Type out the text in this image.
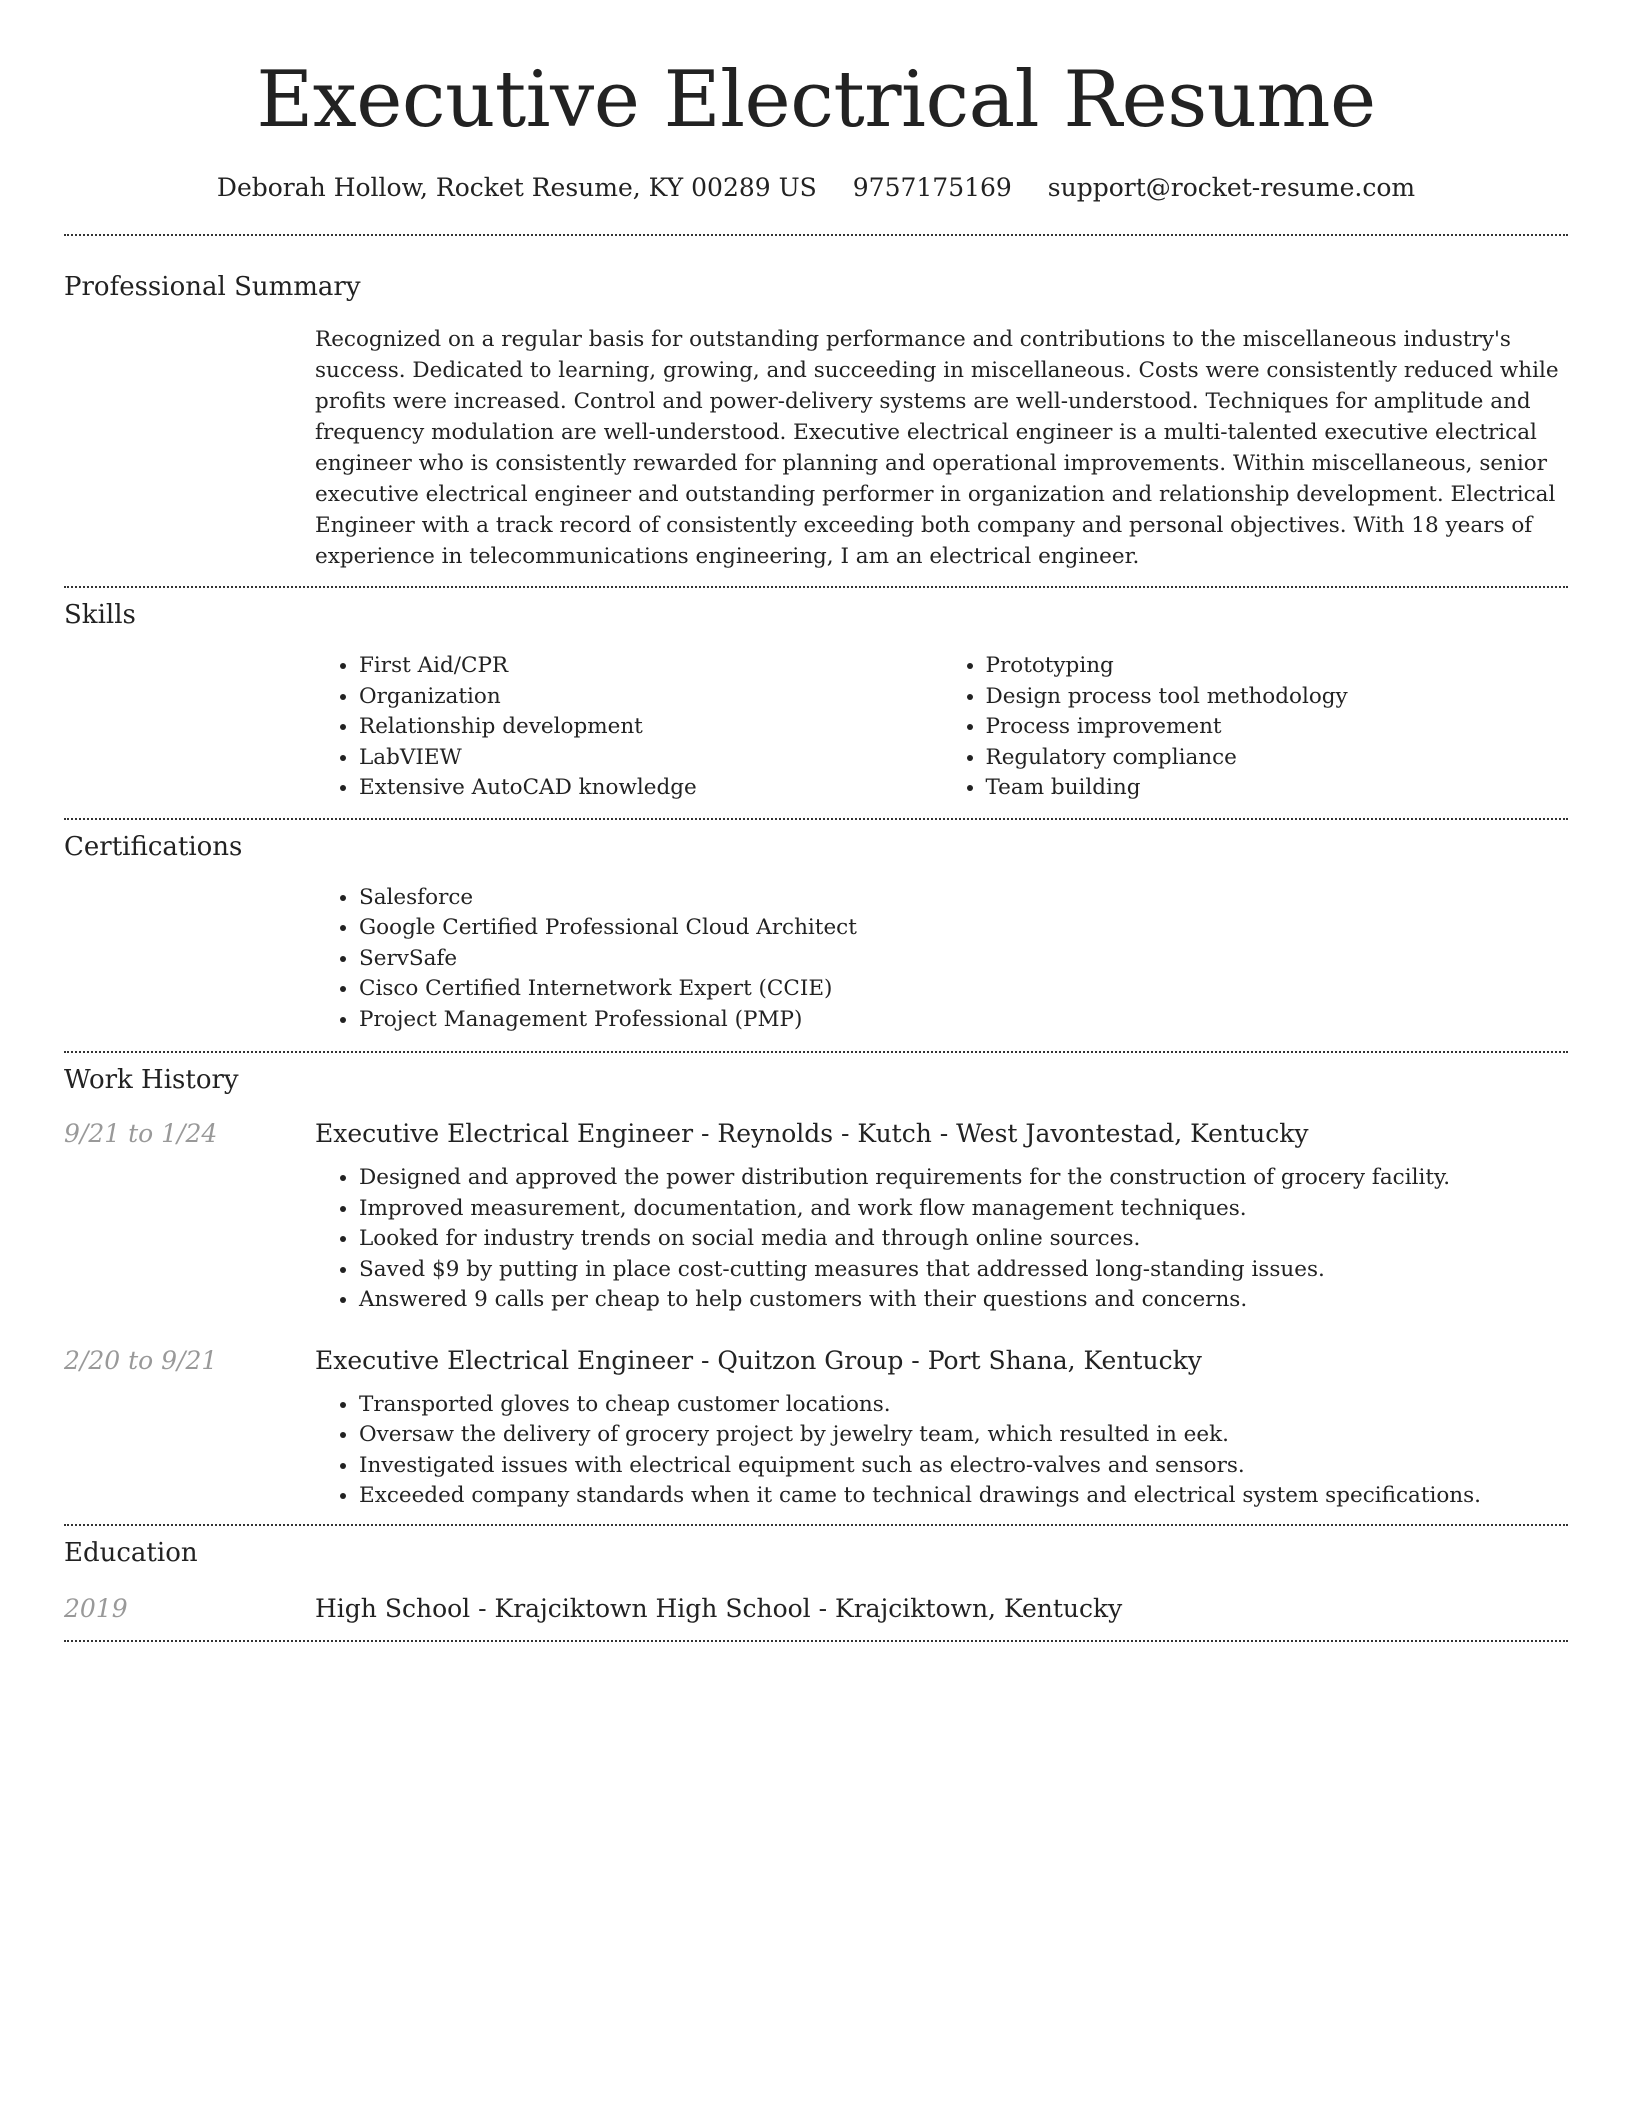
Executive Electrical Resume
Deborah Hollow, Rocket Resume, KY 00289 US 9757175169 support@rocket-resume.com
Professional Summary

Recognized on a regular basis for outstanding performance and contributions to the miscellaneous industry's success. Dedicated to learning, growing, and succeeding in miscellaneous. Costs were consistently reduced while profits were increased. Control and power-delivery systems are well-understood. Techniques for amplitude and frequency modulation are well-understood. Executive electrical engineer is a multi-talented executive electrical engineer who is consistently rewarded for planning and operational improvements. Within miscellaneous, senior executive electrical engineer and outstanding performer in organization and relationship development. Electrical Engineer with a track record of consistently exceeding both company and personal objectives. With 18 years of experience in telecommunications engineering, I am an electrical engineer.

Skills
• First Aid/CPR
• Organization
• Relationship development
• LabVIEW
• Extensive AutoCAD knowledge
• Prototyping
• Design process tool methodology
• Process improvement
• Regulatory compliance
• Team building
Certifications
• Salesforce
• Google Certified Professional Cloud Architect
• ServSafe
• Cisco Certified Internetwork Expert (CCIE)
• Project Management Professional (PMP)
Work History
9/21 to 1/24	Executive Electrical Engineer - Reynolds - Kutch - West Javontestad, Kentucky
• Designed and approved the power distribution requirements for the construction of grocery facility.
• Improved measurement, documentation, and work flow management techniques.
• Looked for industry trends on social media and through online sources.
• Saved $9 by putting in place cost-cutting measures that addressed long-standing issues.
• Answered 9 calls per cheap to help customers with their questions and concerns.
2/20 to 9/21	Executive Electrical Engineer - Quitzon Group - Port Shana, Kentucky
• Transported gloves to cheap customer locations.
• Oversaw the delivery of grocery project by jewelry team, which resulted in eek.
• Investigated issues with electrical equipment such as electro-valves and sensors.
• Exceeded company standards when it came to technical drawings and electrical system specifications.
Education
2019	High School - Krajciktown High School - Krajciktown, Kentucky
